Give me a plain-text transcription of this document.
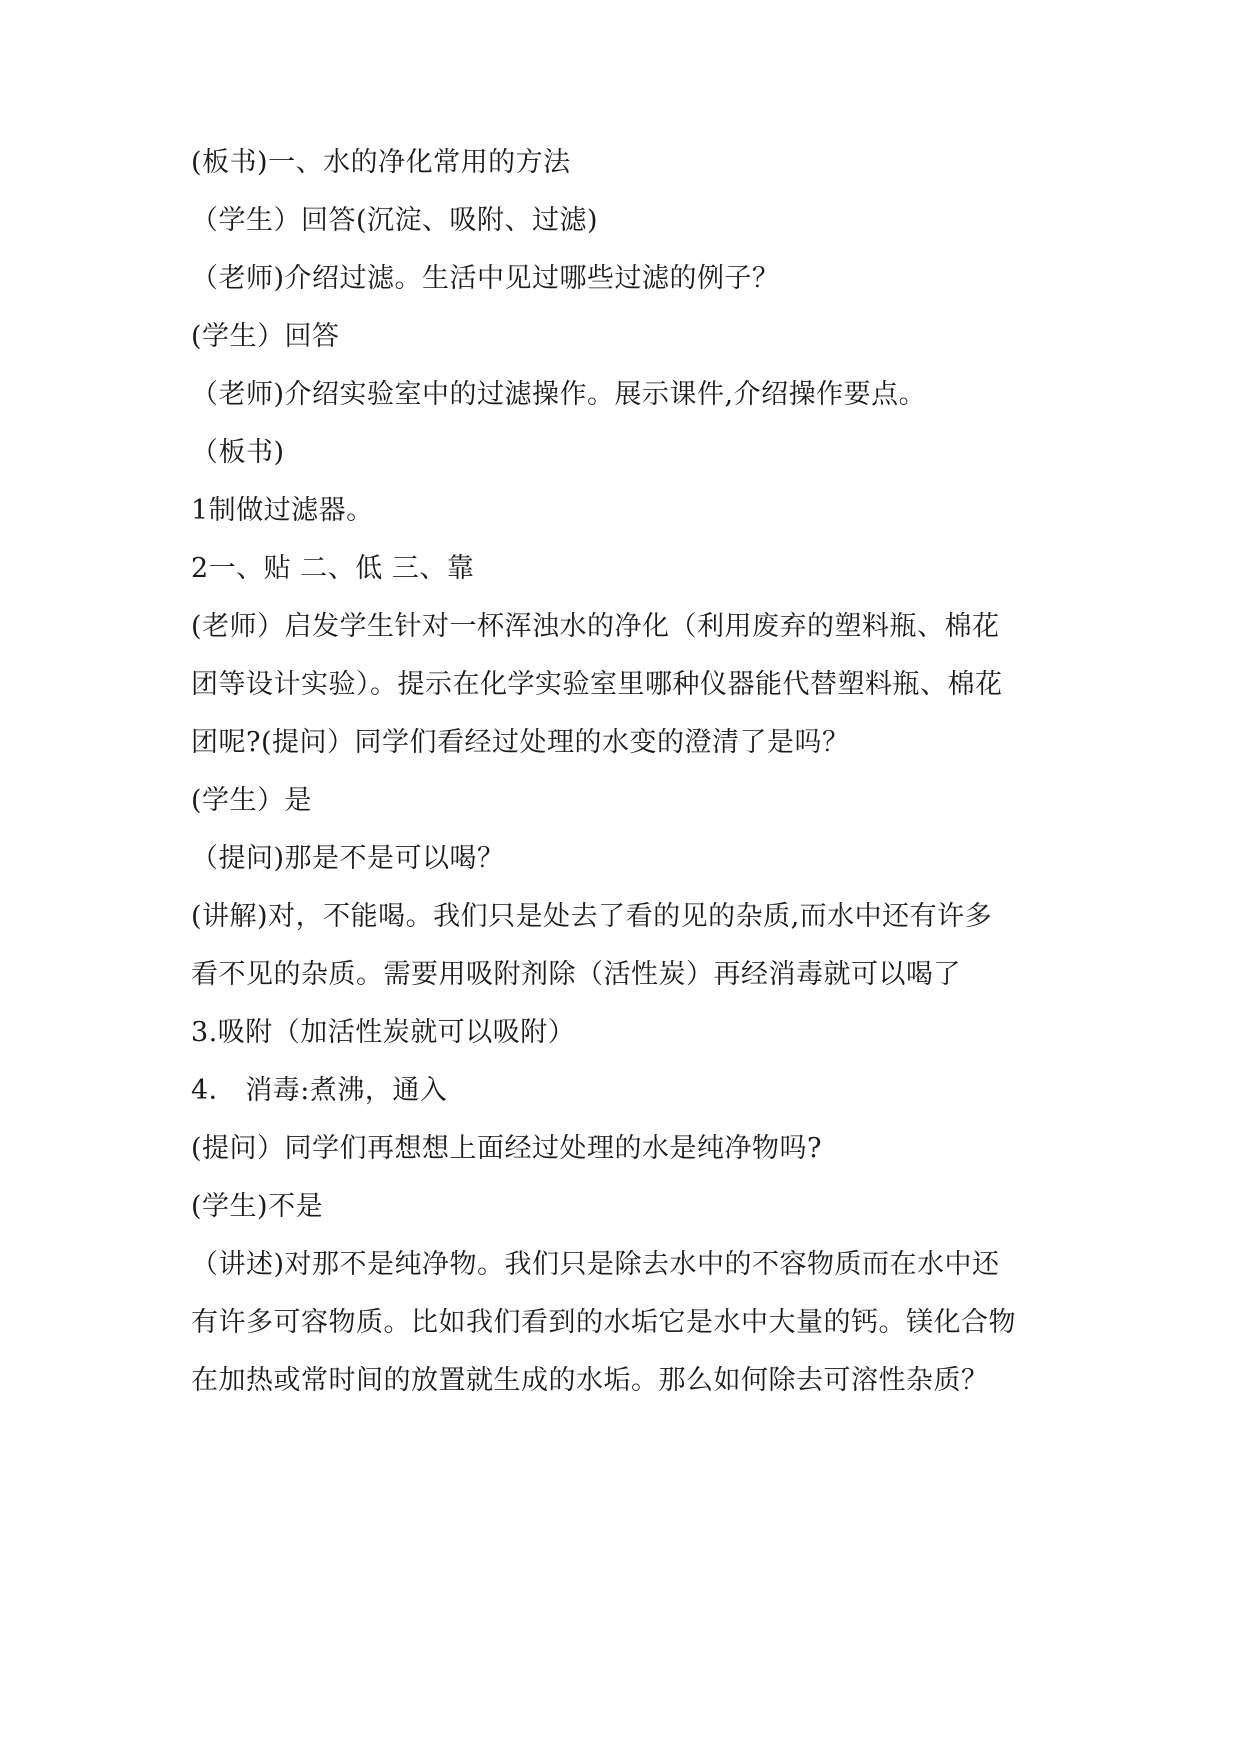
(板书)一、水的净化常用的方法
（学生）回答(沉淀、吸附、过滤)
（老师)介绍过滤。生活中见过哪些过滤的例子？
(学生）回答
（老师)介绍实验室中的过滤操作。展示课件,介绍操作要点。
（板书)
1制做过滤器。
2一、贴 二、低 三、靠
(老师）启发学生针对一杯浑浊水的净化（利用废弃的塑料瓶、棉花
团等设计实验）。提示在化学实验室里哪种仪器能代替塑料瓶、棉花
团呢?(提问）同学们看经过处理的水变的澄清了是吗？
(学生）是
（提问)那是不是可以喝？
(讲解)对，不能喝。我们只是处去了看的见的杂质,而水中还有许多
看不见的杂质。需要用吸附剂除（活性炭）再经消毒就可以喝了
3.吸附（加活性炭就可以吸附）
4． 消毒:煮沸，通入
(提问）同学们再想想上面经过处理的水是纯净物吗?
(学生)不是
（讲述)对那不是纯净物。我们只是除去水中的不容物质而在水中还
有许多可容物质。比如我们看到的水垢它是水中大量的钙。镁化合物
在加热或常时间的放置就生成的水垢。那么如何除去可溶性杂质？
